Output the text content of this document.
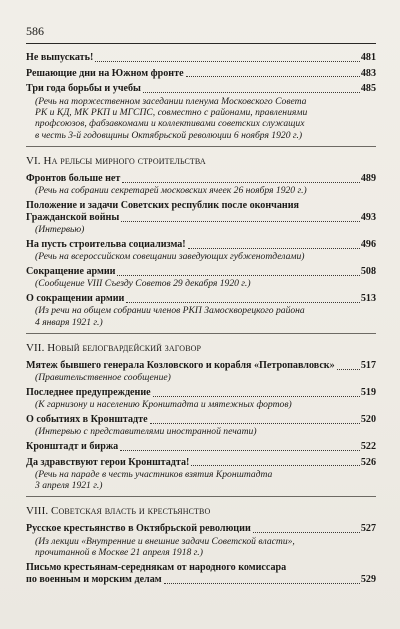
586
Не выпускать!	481
Решающие дни на Южном фронте	483
Три года борьбы и учебы	485
(Речь на торжественном заседании пленума Московского Совета
РК и КД, МК РКП и МГСПС, совместно с районами, правлениями
профсоюзов, фабзавкомами и коллективами советских служащих
в честь 3-й годовщины Октябрьской революции 6 ноября 1920 г.)
VI. На рельсы мирного строительства
Фронтов больше нет	489
(Речь на собрании секретарей московских ячеек 26 ноября 1920 г.)
Положение и задачи Советских республик после окончания
Гражданской войны	493
(Интервью)
На пусть строительва социализма!	496
(Речь на всероссийском совещании заведующих губженотделами)
Сокращение армии	508
(Сообщение VIII Съезду Советов 29 декабря 1920 г.)
О сокращении армии	513
(Из речи на общем собрании членов РКП Замоскворецкого района
4 января 1921 г.)
VII. Новый белогвардейский заговор
Мятеж бывшего генерала Козловского и корабля «Петропавловск»	517
(Правительственное сообщение)
Последнее предупреждение	519
(К гарнизону и населению Кронштадта и мятежных фортов)
О событиях в Кронштадте	520
(Интервью с представителями иностранной печати)
Кронштадт и биржа	522
Да здравствуют герои Кронштадта!	526
(Речь на параде в честь участников взятия Кронштадта
3 апреля 1921 г.)
VIII. Советская власть и крестьянство
Русское крестьянство в Октябрьской революции	527
(Из лекции «Внутренние и внешние задачи Советской власти»,
прочитанной в Москве 21 апреля 1918 г.)
Письмо крестьянам-середнякам от народного комиссара
по военным и морским делам	529
